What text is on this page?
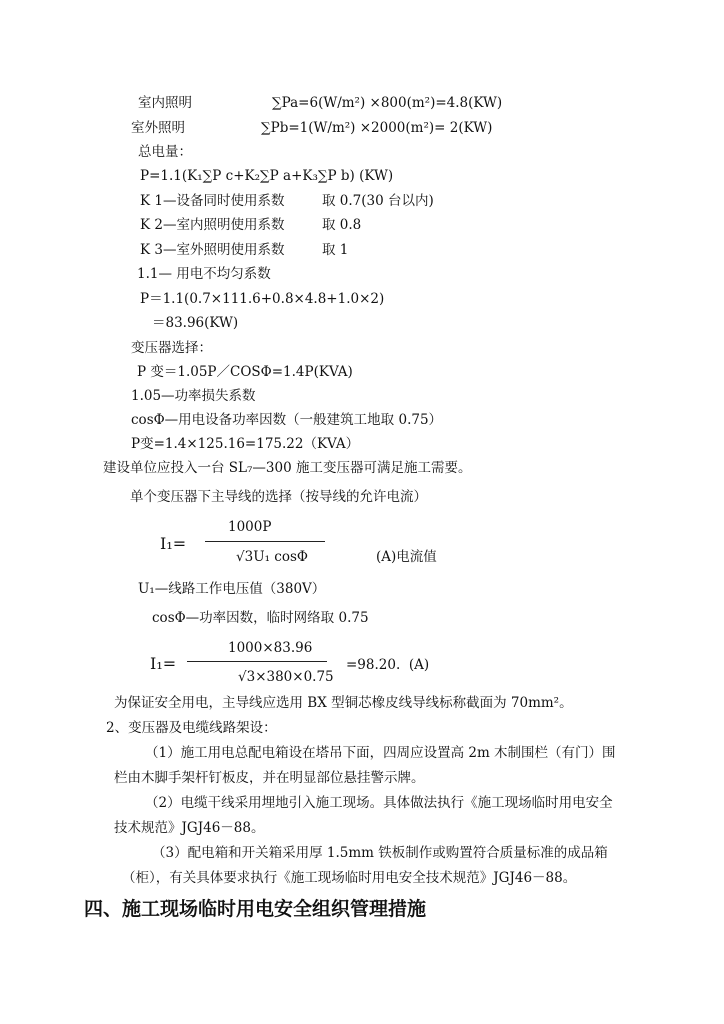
室内照明	∑Pa=6(W/m²) ×800(m²)=4.8(KW)
室外照明	∑Pb=1(W/m²) ×2000(m²)= 2(KW)
总电量：
P=1.1(K₁∑P c+K₂∑P a+K₃∑P b) (KW)
K 1—设备同时使用系数	取 0.7(30 台以内)
K 2—室内照明使用系数	取 0.8
K 3—室外照明使用系数	取 1
1.1— 用电不均匀系数
P＝1.1(0.7×111.6+0.8×4.8+1.0×2)
＝83.96(KW)
变压器选择：
P 变＝1.05P／COSΦ=1.4P(KVA)
1.05—功率损失系数
cosΦ—用电设备功率因数（一般建筑工地取 0.75）
P变=1.4×125.16=175.22（KVA）
建设单位应投入一台 SL₇—300 施工变压器可满足施工需要。
单个变压器下主导线的选择（按导线的允许电流）
I₁=
1000P
√3U₁ cosΦ	(A)电流值
U₁—线路工作电压值（380V）
cosΦ—功率因数，临时网络取 0.75
I₁=
1000×83.96
√3×380×0.75
=98.20.  (A)
为保证安全用电，主导线应选用 BX 型铜芯橡皮线导线标称截面为 70mm²。
2、变压器及电缆线路架设：
（1）施工用电总配电箱设在塔吊下面，四周应设置高 2m 木制围栏（有门）围
栏由木脚手架杆钉板皮，并在明显部位悬挂警示牌。
（2）电缆干线采用埋地引入施工现场。具体做法执行《施工现场临时用电安全
技术规范》JGJ46－88。
（3）配电箱和开关箱采用厚 1.5mm 铁板制作或购置符合质量标准的成品箱
（柜），有关具体要求执行《施工现场临时用电安全技术规范》JGJ46－88。
四、施工现场临时用电安全组织管理措施
